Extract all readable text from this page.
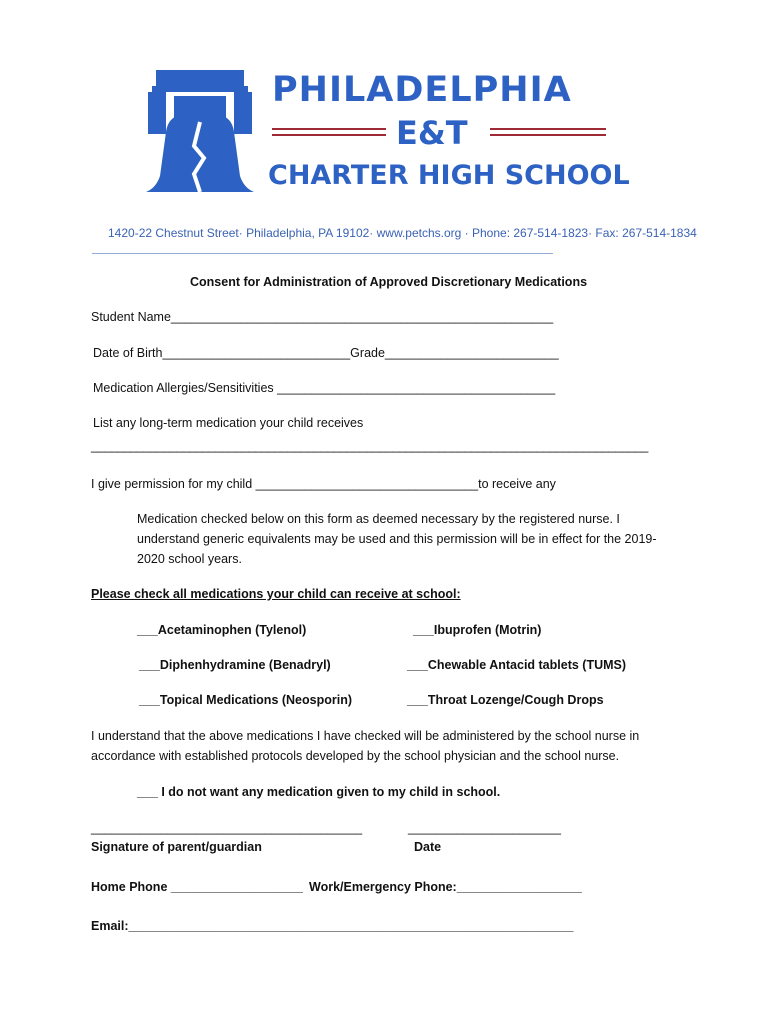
PHILADELPHIA
E&T
CHARTER HIGH SCHOOL
1420-22 Chestnut Street· Philadelphia, PA 19102· www.petchs.org · Phone: 267-514-1823· Fax: 267-514-1834
_______________________________________________________________________________________________________________
Consent for Administration of Approved Discretionary Medications
Student Name_______________________________________________________
Date of Birth___________________________Grade_________________________
Medication Allergies/Sensitivities ________________________________________
List any long-term medication your child receives
_____________________________________________________________________________________
I give permission for my child ________________________________to receive any
Medication checked below on this form as deemed necessary by the registered nurse. I understand generic equivalents may be used and this permission will be in effect for the 2019-2020 school years.
Please check all medications your child can receive at school:
___Acetaminophen (Tylenol)	___Ibuprofen (Motrin)
___Diphenhydramine (Benadryl)	___Chewable Antacid tablets (TUMS)
___Topical Medications (Neosporin)	___Throat Lozenge/Cough Drops
I understand that the above medications I have checked will be administered by the school nurse in accordance with established protocols developed by the school physician and the school nurse.
___ I do not want any medication given to my child in school.
_______________________________________	______________________
Signature of parent/guardian	Date
Home Phone ___________________ Work/Emergency Phone:__________________
Email:________________________________________________________________
